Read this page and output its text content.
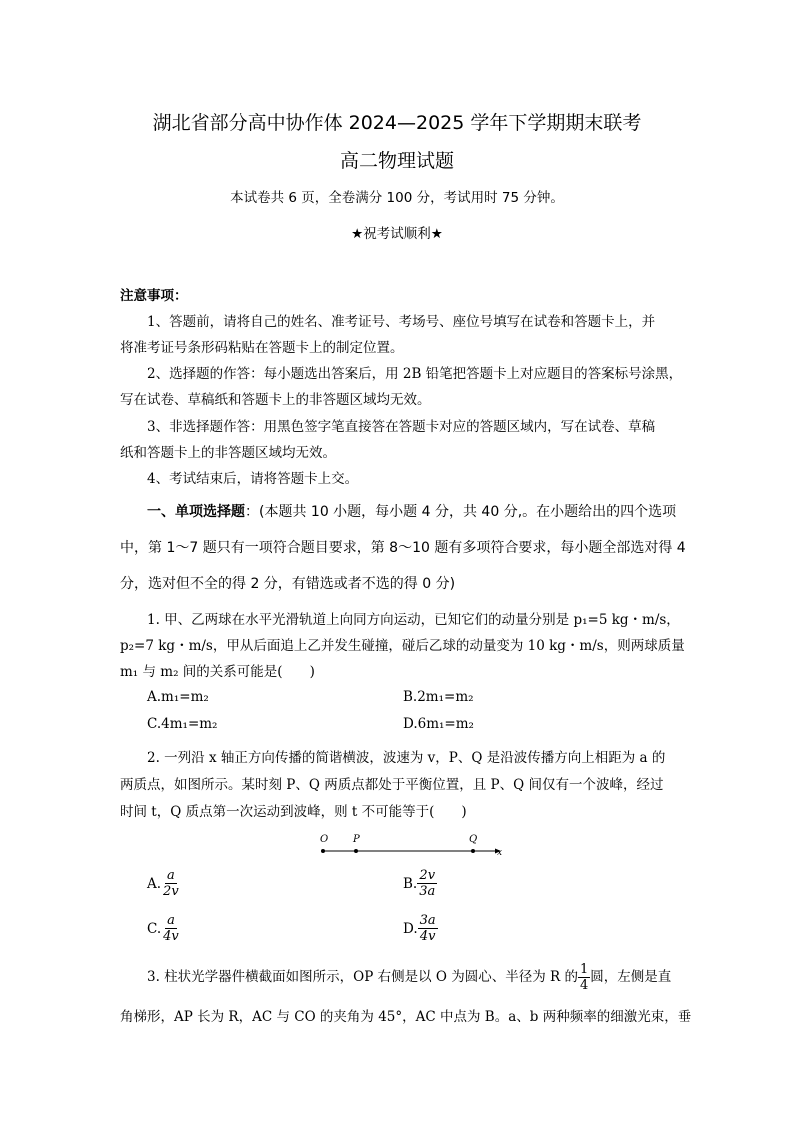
湖北省部分高中协作体 2024—2025 学年下学期期末联考
高二物理试题
本试卷共 6 页，全卷满分 100 分，考试用时 75 分钟。
★祝考试顺利★
注意事项：
1、答题前，请将自己的姓名、准考证号、考场号、座位号填写在试卷和答题卡上，并
将准考证号条形码粘贴在答题卡上的制定位置。
2、选择题的作答：每小题选出答案后，用 2B 铅笔把答题卡上对应题目的答案标号涂黑，
写在试卷、草稿纸和答题卡上的非答题区域均无效。
3、非选择题作答：用黑色签字笔直接答在答题卡对应的答题区域内，写在试卷、草稿
纸和答题卡上的非答题区域均无效。
4、考试结束后，请将答题卡上交。
一、单项选择题：(本题共 10 小题，每小题 4 分，共 40 分,。在小题给出的四个选项
中，第 1～7 题只有一项符合题目要求，第 8～10 题有多项符合要求，每小题全部选对得 4
分，选对但不全的得 2 分，有错选或者不选的得 0 分)
1. 甲、乙两球在水平光滑轨道上向同方向运动，已知它们的动量分别是 p₁=5 kg・m/s，
p₂=7 kg・m/s，甲从后面追上乙并发生碰撞，碰后乙球的动量变为 10 kg・m/s，则两球质量
m₁ 与 m₂ 间的关系可能是(　　)
A.m₁=m₂	B.2m₁=m₂
C.4m₁=m₂	D.6m₁=m₂
2. 一列沿 x 轴正方向传播的简谐横波，波速为 v，P、Q 是沿波传播方向上相距为 a 的
两质点，如图所示。某时刻 P、Q 两质点都处于平衡位置，且 P、Q 间仅有一个波峰，经过
时间 t，Q 质点第一次运动到波峰，则 t 不可能等于(　　)
O P	Q
x
A. $\frac{a}{2v}$	B. $\frac{2v}{3a}$
C. $\frac{a}{4v}$	D. $\frac{3a}{4v}$
3. 柱状光学器件横截面如图所示，OP 右侧是以 O 为圆心、半径为 R 的 $\frac{1}{4}$ 圆，左侧是直
角梯形，AP 长为 R，AC 与 CO 的夹角为 45°，AC 中点为 B。a、b 两种频率的细激光束，垂
